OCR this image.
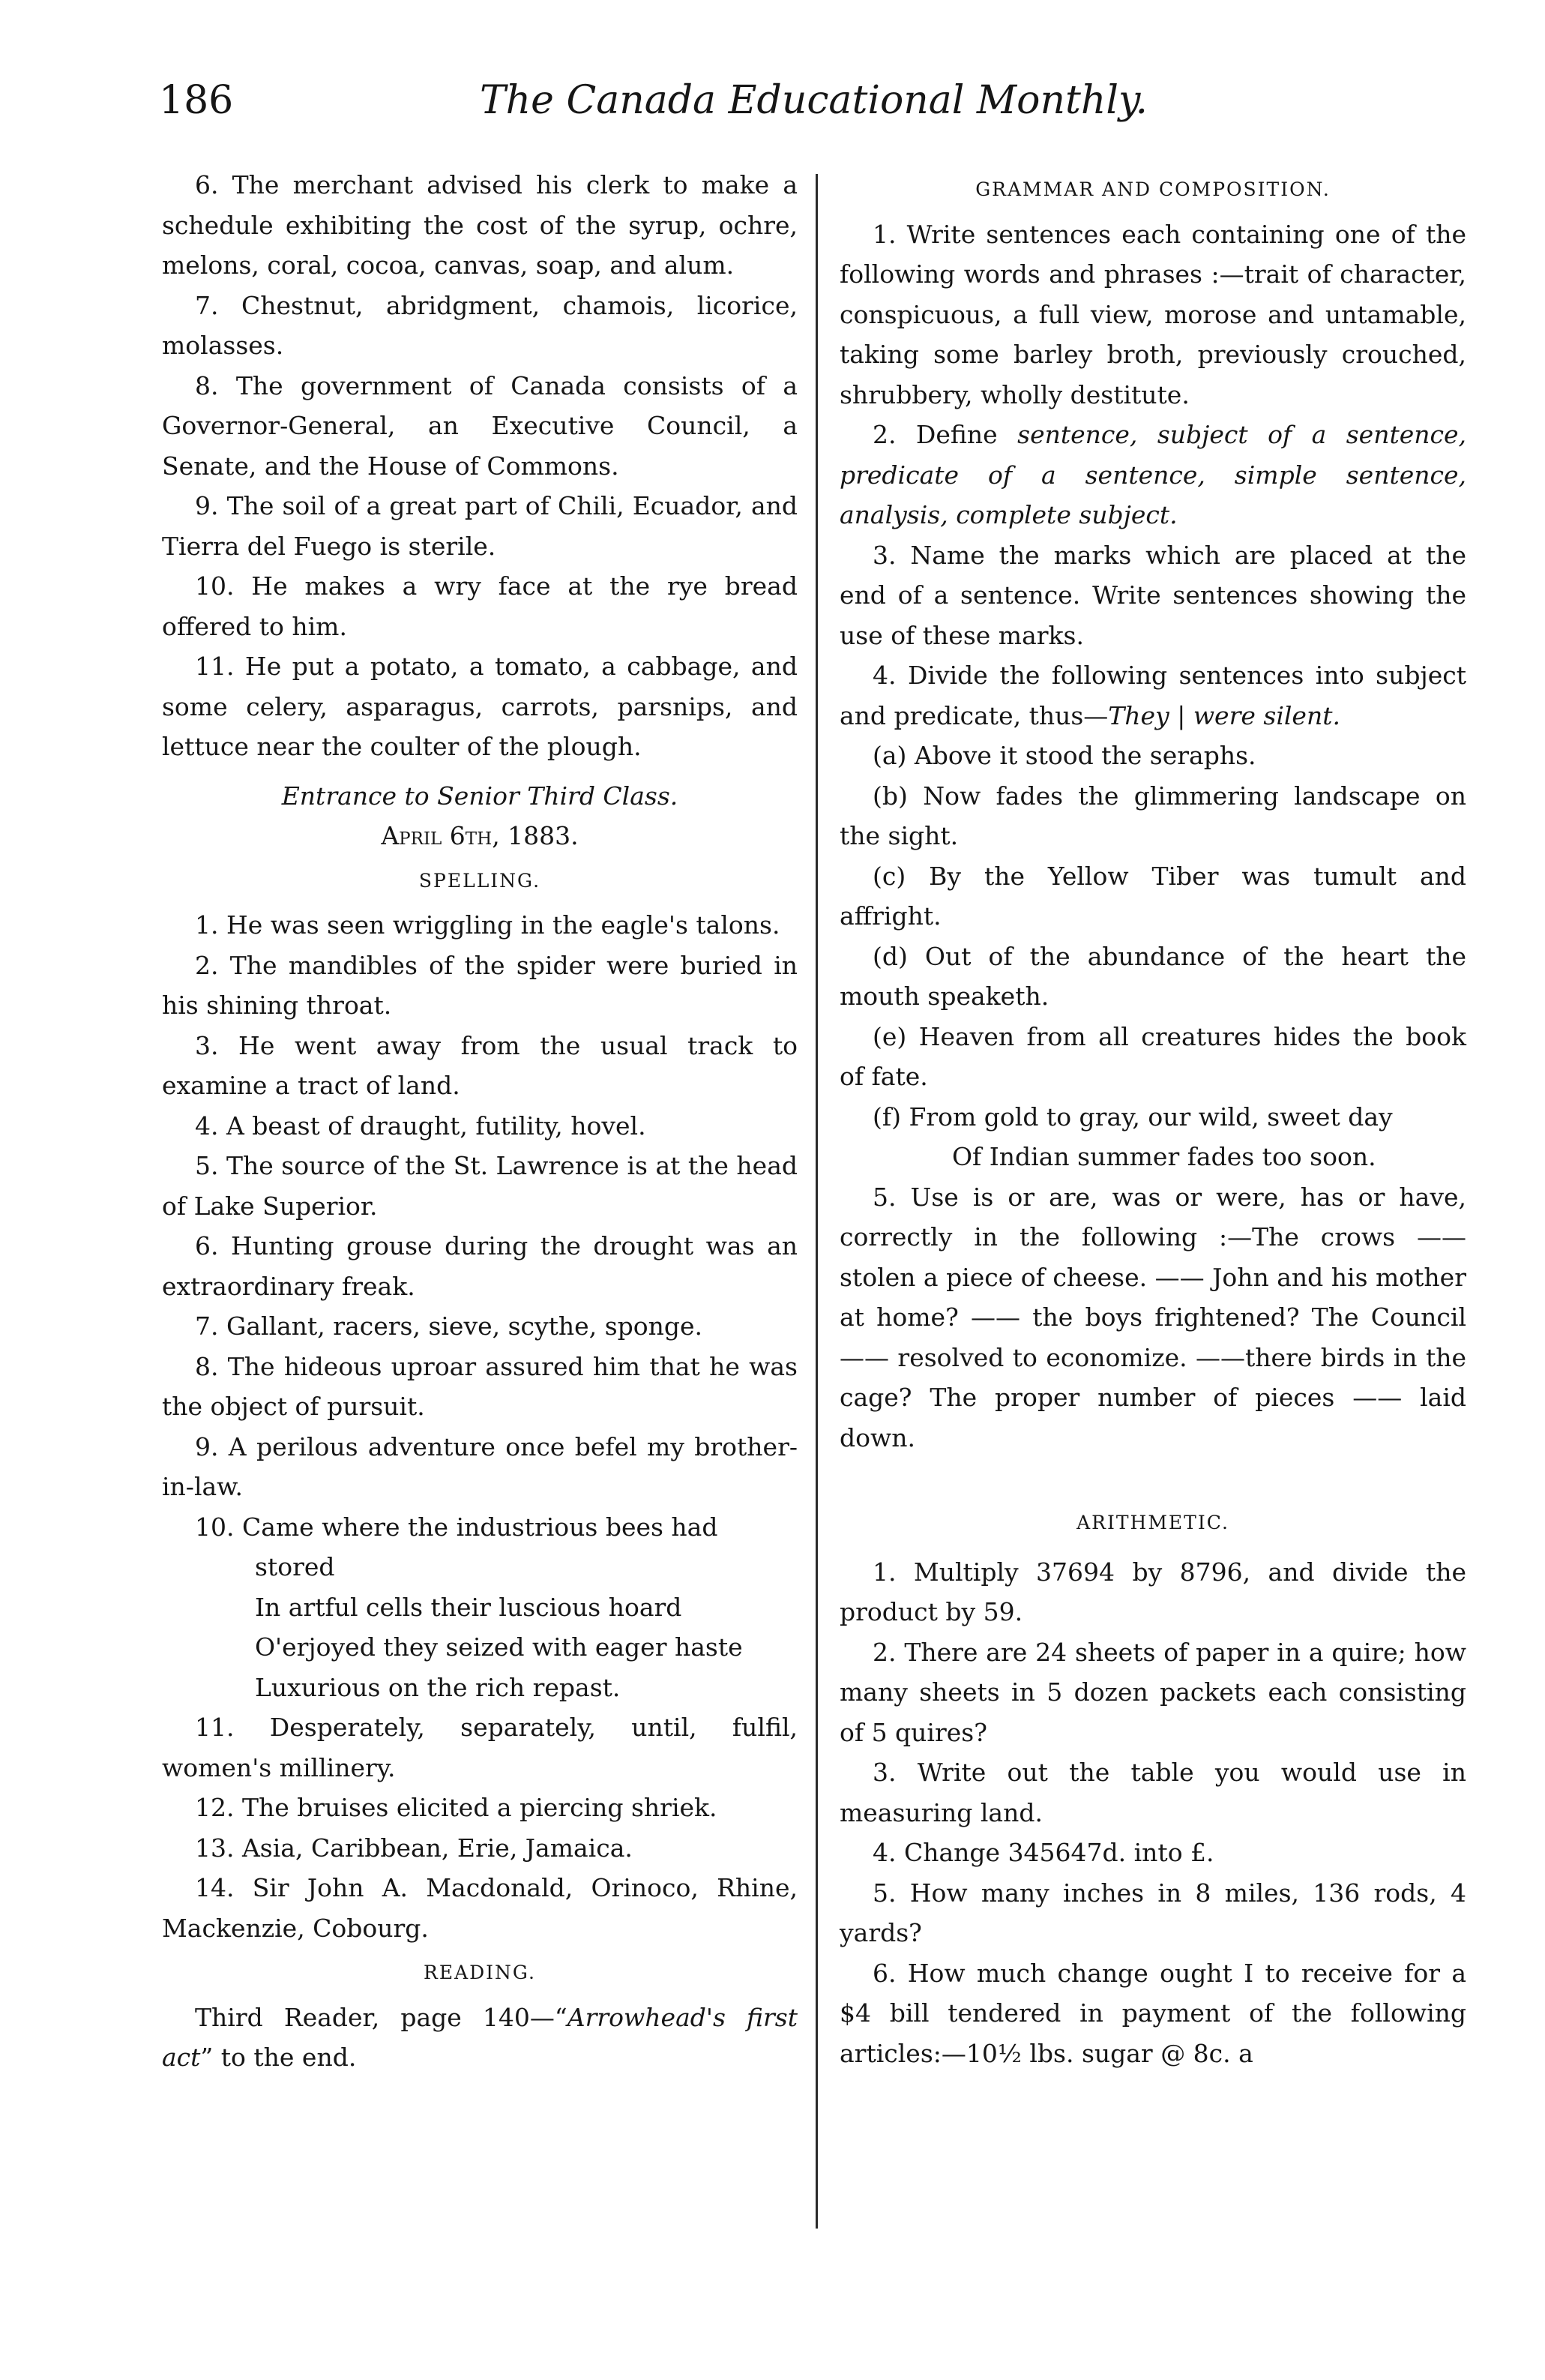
186	The Canada Educational Monthly.

6. The merchant advised his clerk to make a schedule exhibiting the cost of the syrup, ochre, melons, coral, cocoa, canvas, soap, and alum.

7. Chestnut, abridgment, chamois, licorice, molasses.

8. The government of Canada consists of a Governor-General, an Executive Council, a Senate, and the House of Commons.

9. The soil of a great part of Chili, Ecuador, and Tierra del Fuego is sterile.

10. He makes a wry face at the rye bread offered to him.

11. He put a potato, a tomato, a cabbage, and some celery, asparagus, carrots, parsnips, and lettuce near the coulter of the plough.

Entrance to Senior Third Class.

April 6th, 1883.

SPELLING.

1. He was seen wriggling in the eagle's talons.

2. The mandibles of the spider were buried in his shining throat.

3. He went away from the usual track to examine a tract of land.

4. A beast of draught, futility, hovel.

5. The source of the St. Lawrence is at the head of Lake Superior.

6. Hunting grouse during the drought was an extraordinary freak.

7. Gallant, racers, sieve, scythe, sponge.

8. The hideous uproar assured him that he was the object of pursuit.

9. A perilous adventure once befel my brother-in-law.

10. Came where the industrious bees had stored

In artful cells their luscious hoard

O'erjoyed they seized with eager haste

Luxurious on the rich repast.

11. Desperately, separately, until, fulfil, women's millinery.

12. The bruises elicited a piercing shriek.

13. Asia, Caribbean, Erie, Jamaica.

14. Sir John A. Macdonald, Orinoco, Rhine, Mackenzie, Cobourg.

READING.

Third Reader, page 140—“Arrowhead's first act” to the end.

GRAMMAR AND COMPOSITION.

1. Write sentences each containing one of the following words and phrases :—trait of character, conspicuous, a full view, morose and untamable, taking some barley broth, previously crouched, shrubbery, wholly destitute.

2. Define sentence, subject of a sentence, predicate of a sentence, simple sentence, analysis, complete subject.

3. Name the marks which are placed at the end of a sentence. Write sentences showing the use of these marks.

4. Divide the following sentences into subject and predicate, thus—They | were silent.

(a) Above it stood the seraphs.

(b) Now fades the glimmering landscape on the sight.

(c) By the Yellow Tiber was tumult and affright.

(d) Out of the abundance of the heart the mouth speaketh.

(e) Heaven from all creatures hides the book of fate.

(f) From gold to gray, our wild, sweet day

Of Indian summer fades too soon.

5. Use is or are, was or were, has or have, correctly in the following :—The crows —— stolen a piece of cheese. —— John and his mother at home? —— the boys frightened? The Council —— resolved to economize. ——there birds in the cage? The proper number of pieces —— laid down.

ARITHMETIC.

1. Multiply 37694 by 8796, and divide the product by 59.

2. There are 24 sheets of paper in a quire; how many sheets in 5 dozen packets each consisting of 5 quires?

3. Write out the table you would use in measuring land.

4. Change 345647d. into £.

5. How many inches in 8 miles, 136 rods, 4 yards?

6. How much change ought I to receive for a $4 bill tendered in payment of the following articles:—10½ lbs. sugar @ 8c. a
